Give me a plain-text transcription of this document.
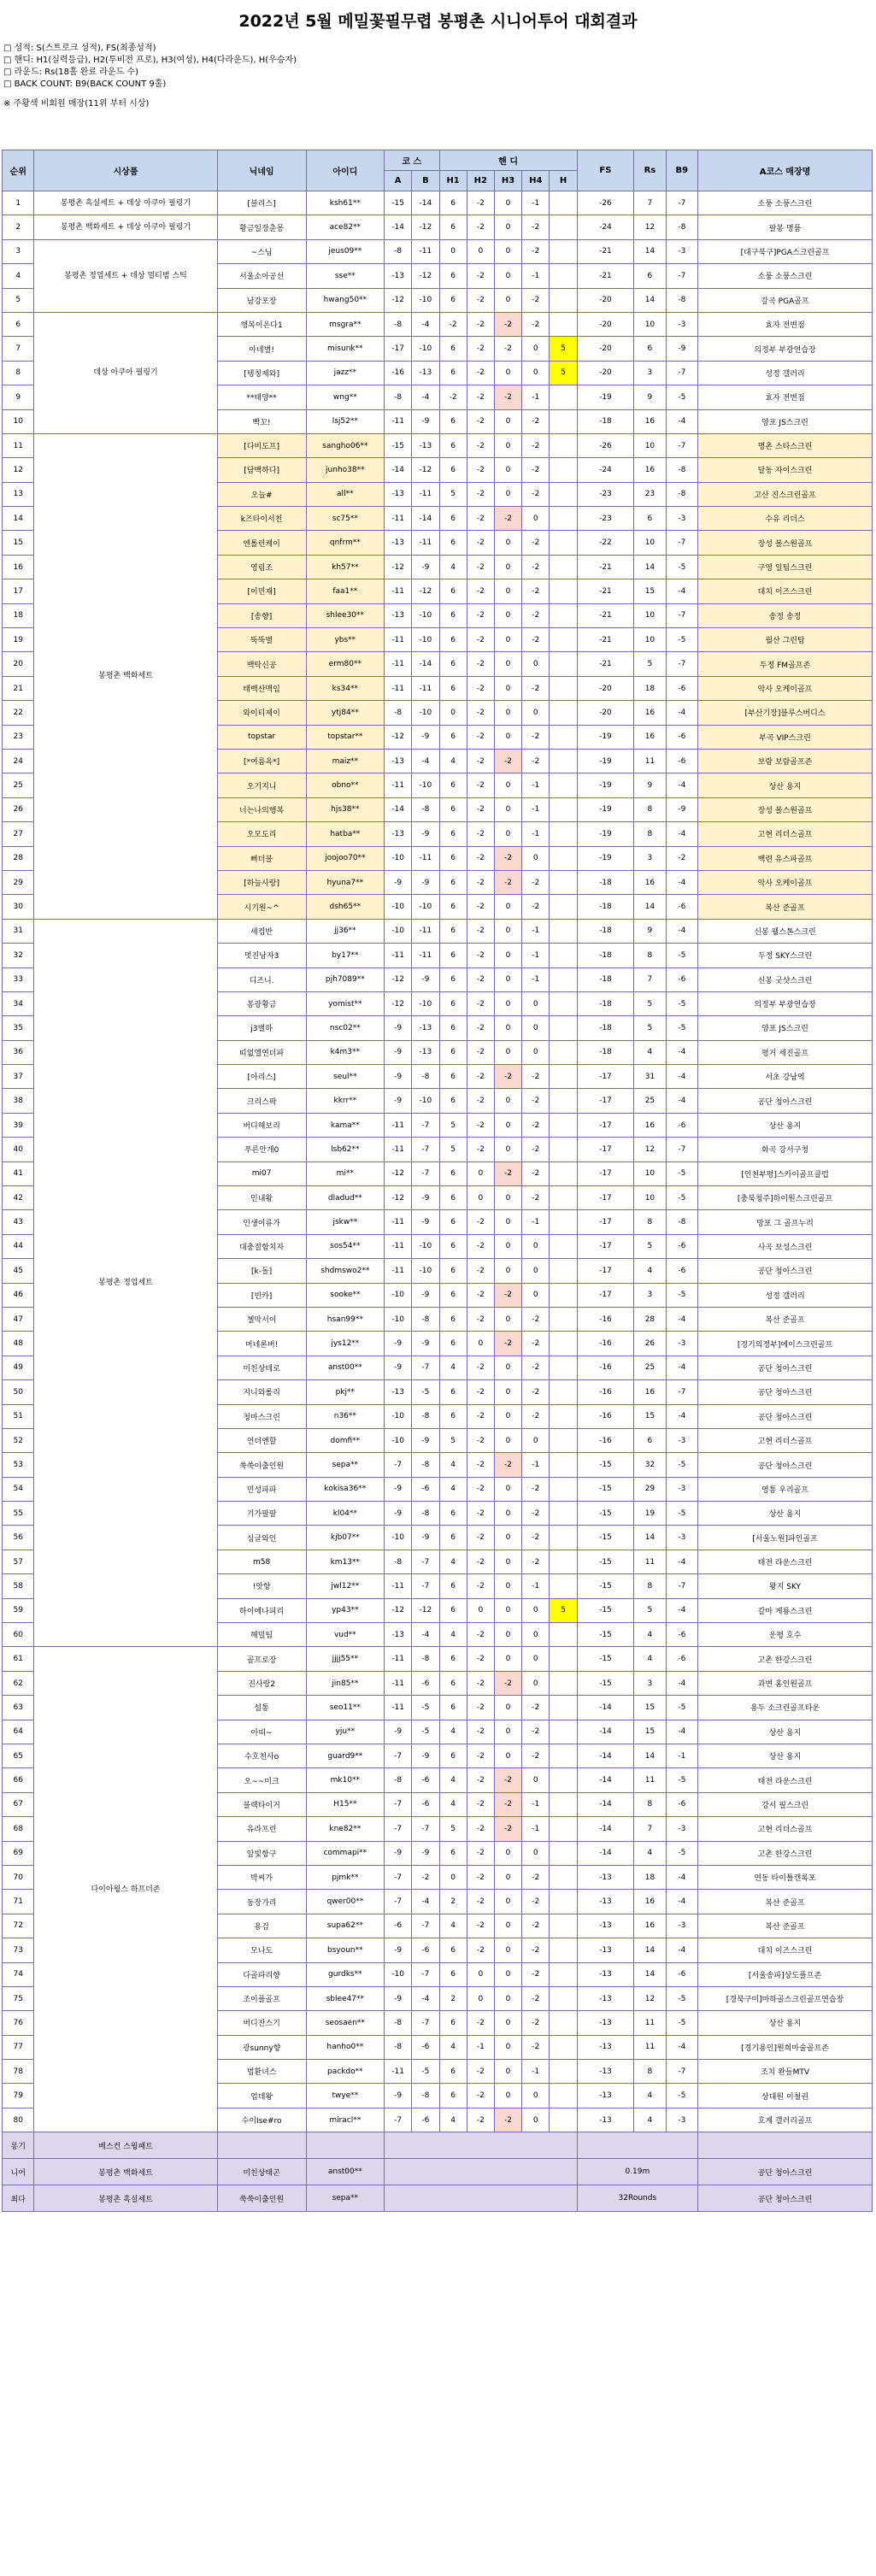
2022년 5월 메밀꽃필무렵 봉평촌 시니어투어 대회결과
□ 성적: S(스트로크 성적), FS(최종성적)
□ 핸디: H1(실력등급), H2(투비전 프로), H3(여성), H4(다라운드), H(우승자)
□ 라운드: Rs(18홀 완료 라운드 수)
□ BACK COUNT: B9(BACK COUNT 9홀)
※ 주황색 비회원 매장(11위 부터 시상)
순위	시상품	닉네임	아이디	코 스		핸 디					FS	Rs	B9	A코스 매장명
				A	B	H1	H2	H3	H4	H				
1	봉평촌 흑실세트 + 데상 아쿠아 필링기	[블리스]	ksh61**	-15	-14	6	-2	0	-1		-26	7	-7	소풍 소풍스크린
2	봉평촌 백화세트 + 데상 아쿠아 필링기	황금일장춘몽	ace82**	-14	-12	6	-2	0	-2		-24	12	-8	팔봉 명품
3	봉평촌 정업세트 + 데상 멀티범 스틱	~스님	jeus09**	-8	-11	0	0	0	-2		-21	14	-3	[대구북구]PGA스크린골프
4		서울소아공선	sse**	-13	-12	6	-2	0	-1		-21	6	-7	소풍 소풍스크린
5		남강포장	hwang50**	-12	-10	6	-2	0	-2		-20	14	-8	갈곡 PGA골프
6	데상 아쿠아 필링기	행복이온다1	msgra**	-8	-4	-2	-2	-2	-2		-20	10	-3	효자 전변점
7		아네별!	misunk**	-17	-10	6	-2	-2	0	5	-20	6	-9	의정부 부광연습장
8		[텡칭제와]	jazz**	-16	-13	6	-2	0	0	5	-20	3	-7	성정 갤러리
9		**태양**	wng**	-8	-4	-2	-2	-2	-1		-19	9	-5	효자 전변점
10		빡꼬!	lsj52**	-11	-9	6	-2	0	-2		-18	16	-4	양포 JS스크린
11	봉평촌 백화세트	[다비도프]	sangho06**	-15	-13	6	-2	0	-2		-26	10	-7	명촌 스타스크린
12		[담백하다]	junho38**	-14	-12	6	-2	0	-2		-24	16	-8	달동 자이스크린
13		오늘#	all**	-13	-11	5	-2	0	-2		-23	23	-8	고산 진스크린골프
14		k즈타이서친	sc75**	-11	-14	6	-2	-2	0		-23	6	-3	수유 리더스
15		엔톨런케이	qnfrm**	-13	-11	6	-2	0	-2		-22	10	-7	장성 볼스원골프
16		영림조	kh57**	-12	-9	4	-2	0	-2		-21	14	-5	구영 일팀스크린
17		[이민재]	faa1**	-11	-12	6	-2	0	-2		-21	15	-4	대치 이즈스크린
18		[송향]	shlee30**	-13	-10	6	-2	0	-2		-21	10	-7	송정 송정
19		뚝뚝별	ybs**	-11	-10	6	-2	0	-2		-21	10	-5	월산 그린탑
20		백탁신공	erm80**	-11	-14	6	-2	0	0		-21	5	-7	두정 FM골프존
21		태백산맥임	ks34**	-11	-11	6	-2	0	-2		-20	18	-6	악사 오케이골프
22		와이티제이	ytj84**	-8	-10	0	-2	0	0		-20	16	-4	[부산기장]블루스버디스
23		topstar	topstar**	-12	-9	6	-2	0	-2		-19	16	-6	부곡 VIP스크린
24		[*여름욕*]	maiz**	-13	-4	4	-2	-2	-2		-19	11	-6	보람 보람골프존
25		오기지니	obno**	-11	-10	6	-2	0	-1		-19	9	-4	상산 용지
26		너는나의행복	hjs38**	-14	-8	6	-2	0	-1		-19	8	-9	장성 볼스원골프
27		오모도리	hatba**	-13	-9	6	-2	0	-1		-19	8	-4	고현 리더스골프
28		뻐더블	joojoo70**	-10	-11	6	-2	-2	0		-19	3	-2	백련 유스파골프
29		[하늘사랑]	hyuna7**	-9	-9	6	-2	-2	-2		-18	16	-4	악사 오케이골프
30		시기원~^	dsh65**	-10	-10	6	-2	0	-2		-18	14	-6	복산 준골프
31	봉평촌 정업세트	세컵반	jj36**	-10	-11	6	-2	0	-1		-18	9	-4	신봉 웰스톤스크린
32		멋진남자3	by17**	-11	-11	6	-2	0	-1		-18	8	-5	두정 SKY스크린
33		디즈니.	pjh7089**	-12	-9	6	-2	0	-1		-18	7	-6	신봉 굿샷스크린
34		봉광황금	yomist**	-12	-10	6	-2	0	0		-18	5	-5	의정부 부광연습장
35		j3별하	nsc02**	-9	-13	6	-2	0	0		-18	5	-5	양포 JS스크린
36		띠없엘연더파	k4m3**	-9	-13	6	-2	0	0		-18	4	-4	평거 세진골프
37		[아리스]	seul**	-9	-8	6	-2	-2	-2		-17	31	-4	서초 강남역
38		크리스팍	kkrr**	-9	-10	6	-2	0	-2		-17	25	-4	공단 청아스크린
39		버디해보리	kama**	-11	-7	5	-2	0	-2		-17	16	-6	상산 용지
40		푸른안개0	lsb62**	-11	-7	5	-2	0	-2		-17	12	-7	화곡 강서구청
41		mi07	mi**	-12	-7	6	0	-2	-2		-17	10	-5	[인천부평]스카이골프클럽
42		인내왕	dladud**	-12	-9	6	0	0	-2		-17	10	-5	[충북청주]하이원스크린골프
43		인생이류가	jskw**	-11	-9	6	-2	0	-1		-17	8	-8	망포 그 골프누리
44		대충절함치자	sos54**	-11	-10	6	-2	0	0		-17	5	-6	사곡 보성스크린
45		[k-돌]	shdmswo2**	-11	-10	6	-2	0	0		-17	4	-6	공단 청아스크린
46		[빈카]	sooke**	-10	-9	6	-2	-2	0		-17	3	-5	성정 갤러리
47		첼막서이	hsan99**	-10	-8	6	-2	0	-2		-16	28	-4	복산 준골프
48		머네론버!	jys12**	-9	-9	6	0	-2	-2		-16	26	-3	[경기의정부]에이스크린골프
49		미친상테로	anst00**	-9	-7	4	-2	0	-2		-16	25	-4	공단 청아스크린
50		지니와롤리	pkj**	-13	-5	6	-2	0	-2		-16	16	-7	공단 청아스크린
51		청마스크린	n36**	-10	-8	6	-2	0	-2		-16	15	-4	공단 청아스크린
52		언더앤할	domfi**	-10	-9	5	-2	0	0		-16	6	-3	고현 리더스골프
53		쑥쑥이출인원	sepa**	-7	-8	4	-2	-2	-1		-15	32	-5	공단 청아스크린
54		민성파파	kokisa36**	-9	-6	4	-2	0	-2		-15	29	-3	영통 우리골프
55		기가팔팔	kl04**	-9	-8	6	-2	0	-2		-15	19	-5	상산 용지
56		심글와인	kjb07**	-10	-9	6	-2	0	-2		-15	14	-3	[서울노원]파인골프
57		m58	km13**	-8	-7	4	-2	0	-2		-15	11	-4	태전 라운스크린
58		!앗항	jwl12**	-11	-7	6	-2	0	-1		-15	8	-7	왕지 SKY
59		하이에나피리	yp43**	-12	-12	6	0	0	0	5	-15	5	-4	갈마 게룡스크린
60		해밀팀	vud**	-13	-4	4	-2	0	0		-15	4	-6	운평 호수
61	다이아윙스 하프더존	골프로장	jjjj55**	-11	-8	6	-2	0	0		-15	4	-6	고촌 한강스크린
62		진사랑2	jin85**	-11	-6	6	-2	-2	0		-15	3	-4	과변 홈인원골프
63		설통	seo11**	-11	-5	6	-2	0	-2		-14	15	-5	용두 소크린골프타운
64		아띠~	yju**	-9	-5	4	-2	0	-2		-14	15	-4	상산 용지
65		수호천사o	guard9**	-7	-9	6	-2	0	-2		-14	14	-1	상산 용지
66		오~~미크	mk10**	-8	-6	4	-2	-2	0		-14	11	-5	태전 라운스크린
67		블랙타이거	H15**	-7	-6	4	-2	-2	-1		-14	8	-6	강서 필스크린
68		유라프린	kne82**	-7	-7	5	-2	-2	-1		-14	7	-3	고현 리더스골프
69		알빛항구	commapi**	-9	-9	6	-2	0	0		-14	4	-5	고촌 한강스크린
70		박씨가	pjmk**	-7	-2	0	-2	0	-2		-13	18	-4	연동 타이틀캔록포
71		동장가리	qwer00**	-7	-4	2	-2	0	-2		-13	16	-4	복산 준골프
72		용검	supa62**	-6	-7	4	-2	0	-2		-13	16	-3	복산 준골프
73		모나도	bsyoun**	-9	-6	6	-2	0	-2		-13	14	-4	대치 이즈스크린
74		다골파리향	gurdks**	-10	-7	6	0	0	-2		-13	14	-6	[서울송파]상도플프존
75		조이플골프	sblee47**	-9	-4	2	0	0	-2		-13	12	-5	[경북구미]마하골스크린골프연습장
76		버디잔스기	seosaen**	-8	-7	6	-2	0	-2		-13	11	-5	상산 용지
77		광sunny향	hanho0**	-8	-6	4	-1	0	-2		-13	11	-4	[경기용인]원희마술골프존
78		법환녀스	packdo**	-11	-5	6	-2	0	-1		-13	8	-7	조치 완들MTV
79		업데왕	twye**	-9	-8	6	-2	0	0		-13	4	-5	상대원 이철권
80		수이Ise#ro	miracl**	-7	-6	4	-2	-2	0		-13	4	-3	호계 갤러리골프
롱기	베스컨 스윙패트													
니어	봉평촌 백화세트	미친상태곤	anst00**								0.19m			공단 청아스크린
최다	봉평촌 흑실세트	쑥쑥이출인원	sepa**								32Rounds			공단 청아스크린
